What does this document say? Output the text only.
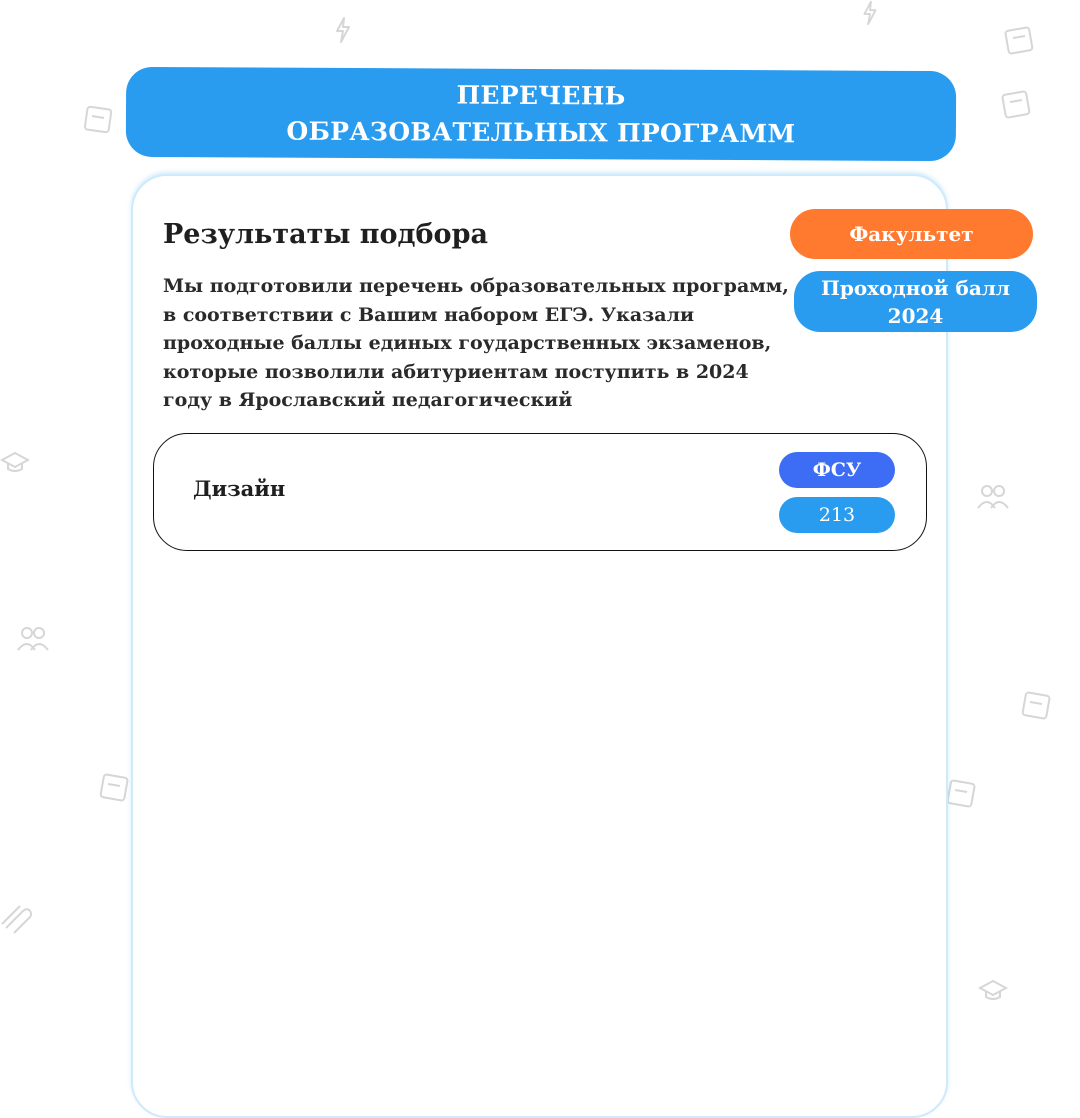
ПЕРЕЧЕНЬ
ОБРАЗОВАТЕЛЬНЫХ ПРОГРАММ
Результаты подбора
Мы подготовили перечень образовательных программ, в соответствии с Вашим набором ЕГЭ. Указали проходные баллы единых гoударственных экзаменов, которые позволили абитуриентам поступить в 2024 году в Ярославский педагогический
Факультет
Проходной балл
2024
Дизайн
ФСУ
213
